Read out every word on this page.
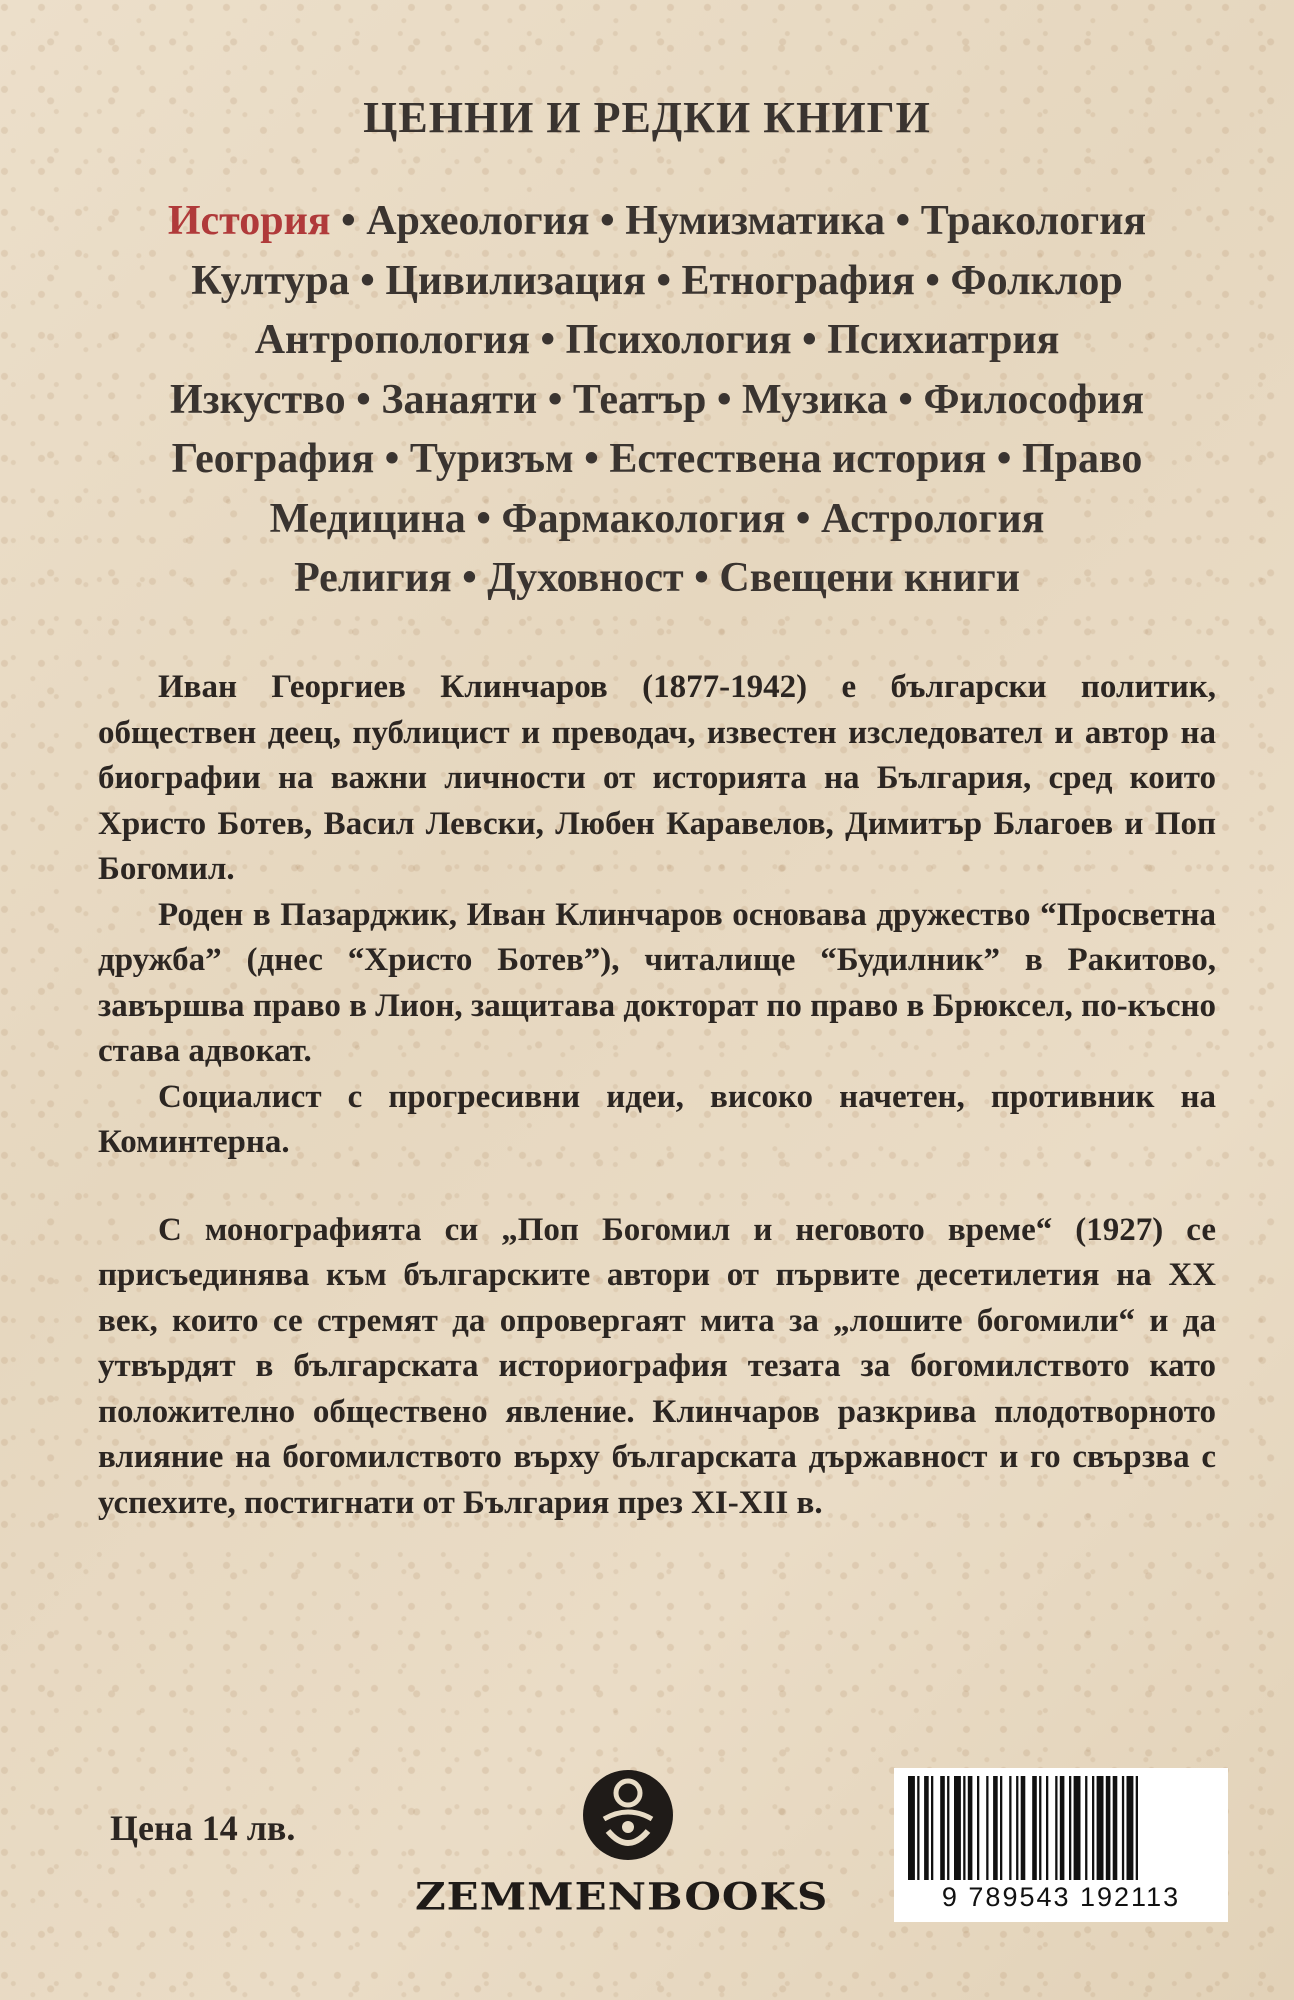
ЦЕННИ И РЕДКИ КНИГИ
История • Археология • Нумизматика • Тракология
Култура • Цивилизация • Етнография • Фолклор
Антропология • Психология • Психиатрия
Изкуство • Занаяти • Театър • Музика • Философия
География • Туризъм • Естествена история • Право
Медицина • Фармакология • Астрология
Религия • Духовност • Свещени книги

Иван Георгиев Клинчаров (1877-1942) е български политик, обществен деец, публицист и преводач, известен изследовател и автор на биографии на важни личности от историята на България, сред които Христо Ботев, Васил Левски, Любен Каравелов, Димитър Благоев и Поп Богомил.

Роден в Пазарджик, Иван Клинчаров основава дружество “Просветна дружба” (днес “Христо Ботев”), читалище “Будилник” в Ракитово, завършва право в Лион, защитава докторат по право в Брюксел, по-късно става адвокат.

Социалист с прогресивни идеи, високо начетен, противник на Коминтерна.

С монографията си „Поп Богомил и неговото време“ (1927) се присъединява към българските автори от първите десетилетия на XX век, които се стремят да опровергаят мита за „лошите богомили“ и да утвърдят в българската историография тезата за богомилството като положително обществено явление. Клинчаров разкрива плодотворното влияние на богомилството върху българската държавност и го свързва с успехите, постигнати от България през XI-XII в.

Цена 14 лв.
ZEMMENBOOKS	9 789543 192113
